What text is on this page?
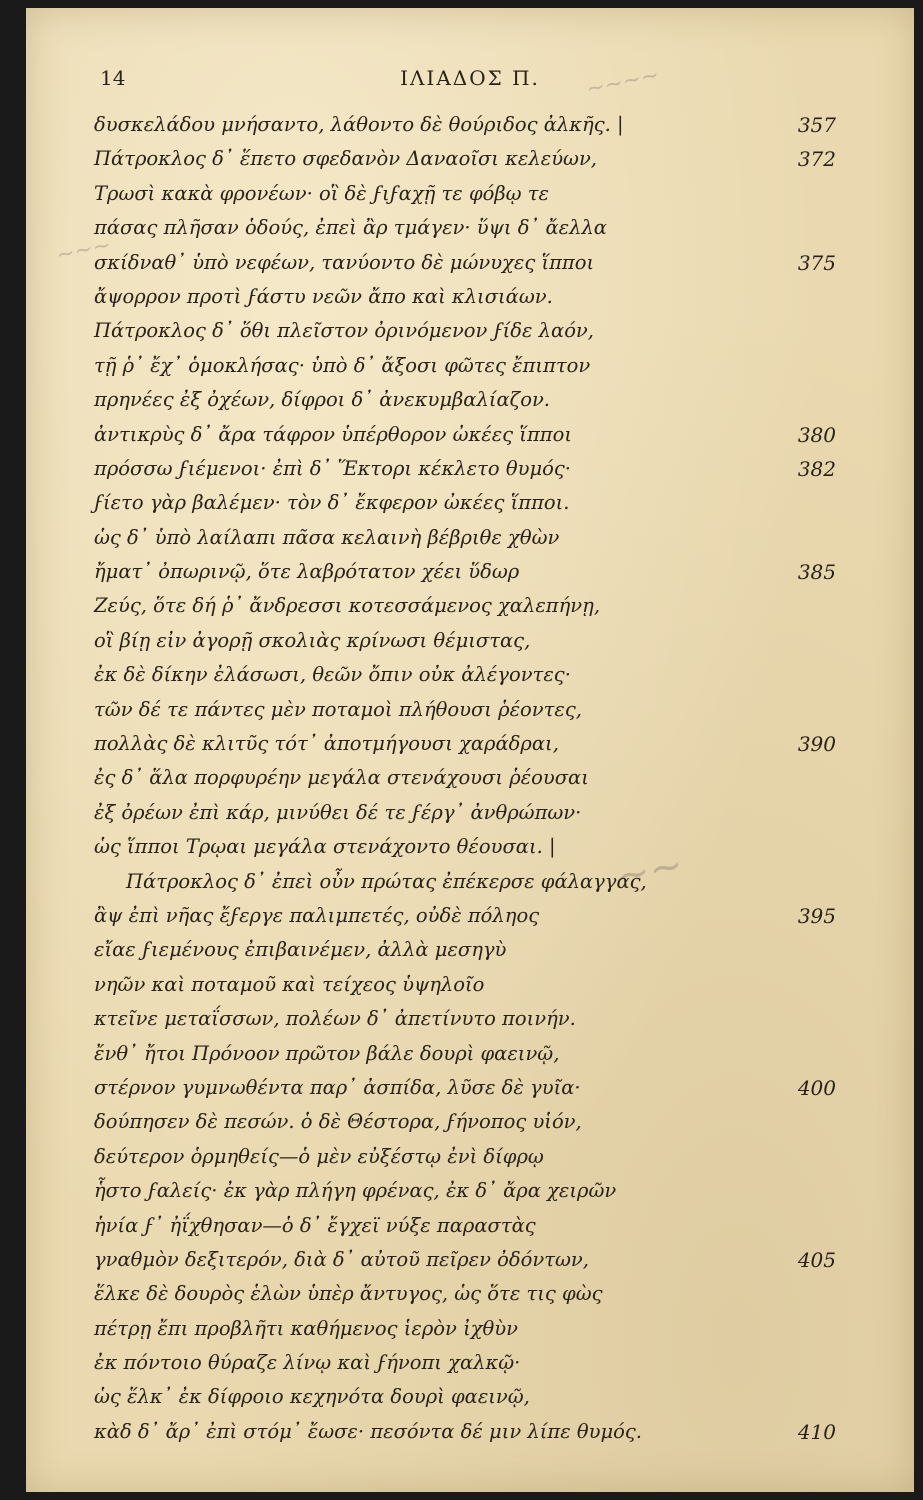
14	ΙΛΙΑΔΟΣ Π.	~~~~
~~~
~~
δυσκελάδου μνήσαντο, λάθοντο δὲ θούριδος ἀλκῆς. |	357
Πάτροκλος δ᾽ ἕπετο σφεδανὸν Δαναοῖσι κελεύων,	372
Τρωσὶ κακὰ φρονέων· οἳ δὲ ϝιϝαχῇ τε φόβῳ τε
πάσας πλῆσαν ὁδούς, ἐπεὶ ἂρ τμάγεν· ὕψι δ᾽ ἄελλα
σκίδναθ᾽ ὑπὸ νεφέων, τανύοντο δὲ μώνυχες ἵπποι	375
ἄψορρον προτὶ ϝάστυ νεῶν ἄπο καὶ κλισιάων.
Πάτροκλος δ᾽ ὅθι πλεῖστον ὀρινόμενον ϝίδε λαόν,
τῇ ῥ᾽ ἔχ᾽ ὁμοκλήσας· ὑπὸ δ᾽ ἄξοσι φῶτες ἔπιπτον
πρηνέες ἐξ ὀχέων, δίφροι δ᾽ ἀνεκυμβαλίαζον.
ἀντικρὺς δ᾽ ἄρα τάφρον ὑπέρθορον ὠκέες ἵπποι	380
πρόσσω ϝιέμενοι· ἐπὶ δ᾽ Ἕκτορι κέκλετο θυμός·	382
ϝίετο γὰρ βαλέμεν· τὸν δ᾽ ἔκφερον ὠκέες ἵπποι.
ὡς δ᾽ ὑπὸ λαίλαπι πᾶσα κελαινὴ βέβριθε χθὼν
ἤματ᾽ ὀπωρινῷ, ὅτε λαβρότατον χέει ὕδωρ	385
Ζεύς, ὅτε δή ῥ᾽ ἄνδρεσσι κοτεσσάμενος χαλεπήνῃ,
οἳ βίῃ εἰν ἀγορῇ σκολιὰς κρίνωσι θέμιστας,
ἐκ δὲ δίκην ἐλάσωσι, θεῶν ὄπιν οὐκ ἀλέγοντες·
τῶν δέ τε πάντες μὲν ποταμοὶ πλήθουσι ῥέοντες,
πολλὰς δὲ κλιτῦς τότ᾽ ἀποτμήγουσι χαράδραι,	390
ἐς δ᾽ ἅλα πορφυρέην μεγάλα στενάχουσι ῥέουσαι
ἐξ ὀρέων ἐπὶ κάρ, μινύθει δέ τε ϝέργ᾽ ἀνθρώπων·
ὡς ἵπποι Τρῳαι μεγάλα στενάχοντο θέουσαι. |
Πάτροκλος δ᾽ ἐπεὶ οὖν πρώτας ἐπέκερσε φάλαγγας,
ἂψ ἐπὶ νῆας ἔϝεργε παλιμπετές, οὐδὲ πόληος	395
εἴαε ϝιεμένους ἐπιβαινέμεν, ἀλλὰ μεσηγὺ
νηῶν καὶ ποταμοῦ καὶ τείχεος ὑψηλοῖο
κτεῖνε μεταΐσσων, πολέων δ᾽ ἀπετίνυτο ποινήν.
ἔνθ᾽ ἤτοι Πρόνοον πρῶτον βάλε δουρὶ φαεινῷ,
στέρνον γυμνωθέντα παρ᾽ ἀσπίδα, λῦσε δὲ γυῖα·	400
δούπησεν δὲ πεσών. ὁ δὲ Θέστορα, ϝήνοπος υἱόν,
δεύτερον ὁρμηθείς—ὁ μὲν εὐξέστῳ ἐνὶ δίφρῳ
ἧστο ϝαλείς· ἐκ γὰρ πλήγη φρένας, ἐκ δ᾽ ἄρα χειρῶν
ἡνία ϝ᾽ ἠΐχθησαν—ὁ δ᾽ ἔγχεϊ νύξε παραστὰς
γναθμὸν δεξιτερόν, διὰ δ᾽ αὐτοῦ πεῖρεν ὀδόντων,	405
ἕλκε δὲ δουρὸς ἑλὼν ὑπὲρ ἄντυγος, ὡς ὅτε τις φὼς
πέτρῃ ἔπι προβλῆτι καθήμενος ἱερὸν ἰχθὺν
ἐκ πόντοιο θύραζε λίνῳ καὶ ϝήνοπι χαλκῷ·
ὡς ἕλκ᾽ ἐκ δίφροιο κεχηνότα δουρὶ φαεινῷ,
κὰδ δ᾽ ἄρ᾽ ἐπὶ στόμ᾽ ἔωσε· πεσόντα δέ μιν λίπε θυμός.	410
